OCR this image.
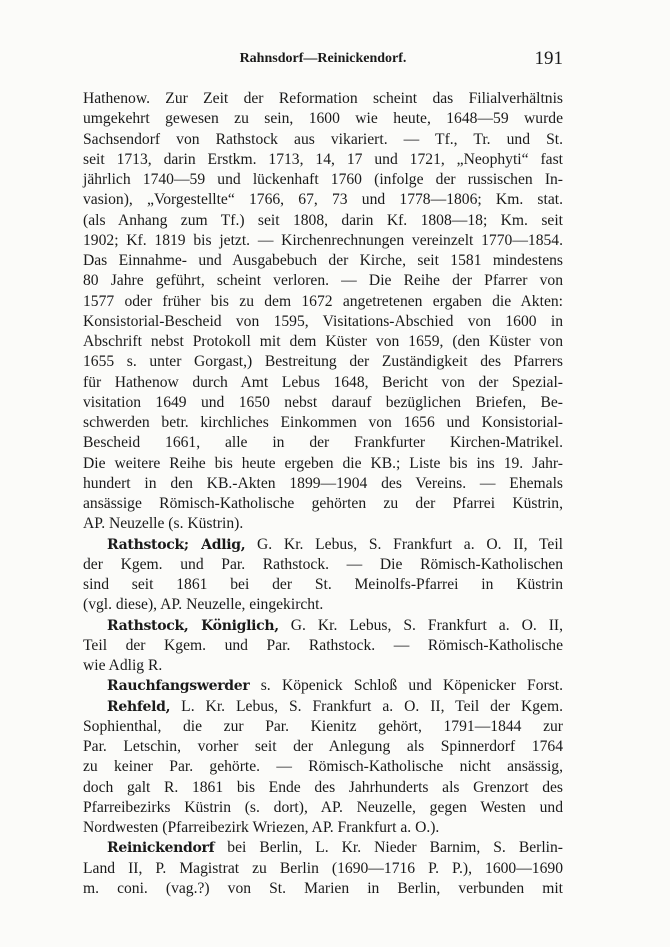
Rahnsdorf—Reinickendorf.	191
Hathenow. Zur Zeit der Reformation scheint das Filialverhältnis
umgekehrt gewesen zu sein, 1600 wie heute, 1648—59 wurde
Sachsendorf von Rathstock aus vikariert. — Tf., Tr. und St.
seit 1713, darin Erstkm. 1713, 14, 17 und 1721, „Neophyti“ fast
jährlich 1740—59 und lückenhaft 1760 (infolge der russischen In-
vasion), „Vorgestellte“ 1766, 67, 73 und 1778—1806; Km. stat.
(als Anhang zum Tf.) seit 1808, darin Kf. 1808—18; Km. seit
1902; Kf. 1819 bis jetzt. — Kirchenrechnungen vereinzelt 1770—1854.
Das Einnahme- und Ausgabebuch der Kirche, seit 1581 mindestens
80 Jahre geführt, scheint verloren. — Die Reihe der Pfarrer von
1577 oder früher bis zu dem 1672 angetretenen ergaben die Akten:
Konsistorial-Bescheid von 1595, Visitations-Abschied von 1600 in
Abschrift nebst Protokoll mit dem Küster von 1659, (den Küster von
1655 s. unter Gorgast,) Bestreitung der Zuständigkeit des Pfarrers
für Hathenow durch Amt Lebus 1648, Bericht von der Spezial-
visitation 1649 und 1650 nebst darauf bezüglichen Briefen, Be-
schwerden betr. kirchliches Einkommen von 1656 und Konsistorial-
Bescheid 1661, alle in der Frankfurter Kirchen-Matrikel.
Die weitere Reihe bis heute ergeben die KB.; Liste bis ins 19. Jahr-
hundert in den KB.-Akten 1899—1904 des Vereins. — Ehemals
ansässige Römisch-Katholische gehörten zu der Pfarrei Küstrin,
AP. Neuzelle (s. Küstrin).
Rathstock; Adlig, G. Kr. Lebus, S. Frankfurt a. O. II, Teil
der Kgem. und Par. Rathstock. — Die Römisch-Katholischen
sind seit 1861 bei der St. Meinolfs-Pfarrei in Küstrin
(vgl. diese), AP. Neuzelle, eingekircht.
Rathstock, Königlich, G. Kr. Lebus, S. Frankfurt a. O. II,
Teil der Kgem. und Par. Rathstock. — Römisch-Katholische
wie Adlig R.
Rauchfangswerder s. Köpenick Schloß und Köpenicker Forst.
Rehfeld, L. Kr. Lebus, S. Frankfurt a. O. II, Teil der Kgem.
Sophienthal, die zur Par. Kienitz gehört, 1791—1844 zur
Par. Letschin, vorher seit der Anlegung als Spinnerdorf 1764
zu keiner Par. gehörte. — Römisch-Katholische nicht ansässig,
doch galt R. 1861 bis Ende des Jahrhunderts als Grenzort des
Pfarreibezirks Küstrin (s. dort), AP. Neuzelle, gegen Westen und
Nordwesten (Pfarreibezirk Wriezen, AP. Frankfurt a. O.).
Reinickendorf bei Berlin, L. Kr. Nieder Barnim, S. Berlin-
Land II, P. Magistrat zu Berlin (1690—1716 P. P.), 1600—1690
m. coni. (vag.?) von St. Marien in Berlin, verbunden mit
